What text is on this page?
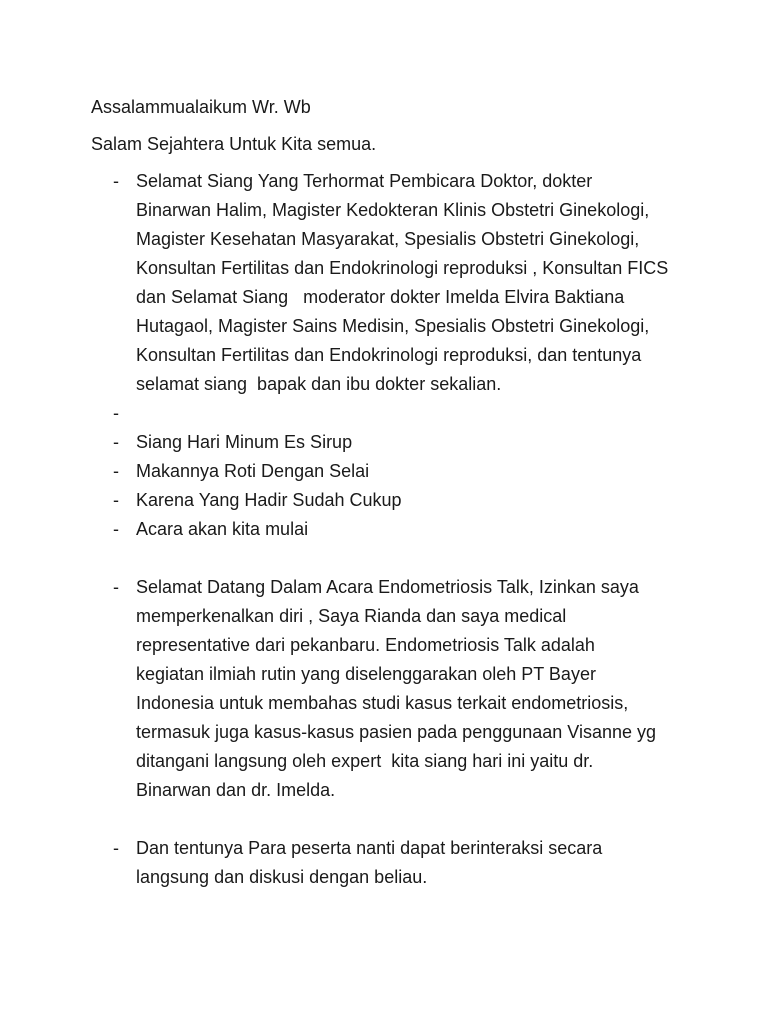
Assalammualaikum Wr. Wb

Salam Sejahtera Untuk Kita semua.

- Selamat Siang Yang Terhormat Pembicara Doktor, dokter
Binarwan Halim, Magister Kedokteran Klinis Obstetri Ginekologi,
Magister Kesehatan Masyarakat, Spesialis Obstetri Ginekologi,
Konsultan Fertilitas dan Endokrinologi reproduksi , Konsultan FICS
dan Selamat Siang   moderator dokter Imelda Elvira Baktiana
Hutagaol, Magister Sains Medisin, Spesialis Obstetri Ginekologi,
Konsultan Fertilitas dan Endokrinologi reproduksi, dan tentunya
selamat siang  bapak dan ibu dokter sekalian.
-
- Siang Hari Minum Es Sirup
- Makannya Roti Dengan Selai
- Karena Yang Hadir Sudah Cukup
- Acara akan kita mulai
- Selamat Datang Dalam Acara Endometriosis Talk, Izinkan saya
memperkenalkan diri , Saya Rianda dan saya medical
representative dari pekanbaru. Endometriosis Talk adalah
kegiatan ilmiah rutin yang diselenggarakan oleh PT Bayer
Indonesia untuk membahas studi kasus terkait endometriosis,
termasuk juga kasus-kasus pasien pada penggunaan Visanne yg
ditangani langsung oleh expert  kita siang hari ini yaitu dr.
Binarwan dan dr. Imelda.
- Dan tentunya Para peserta nanti dapat berinteraksi secara
langsung dan diskusi dengan beliau.
